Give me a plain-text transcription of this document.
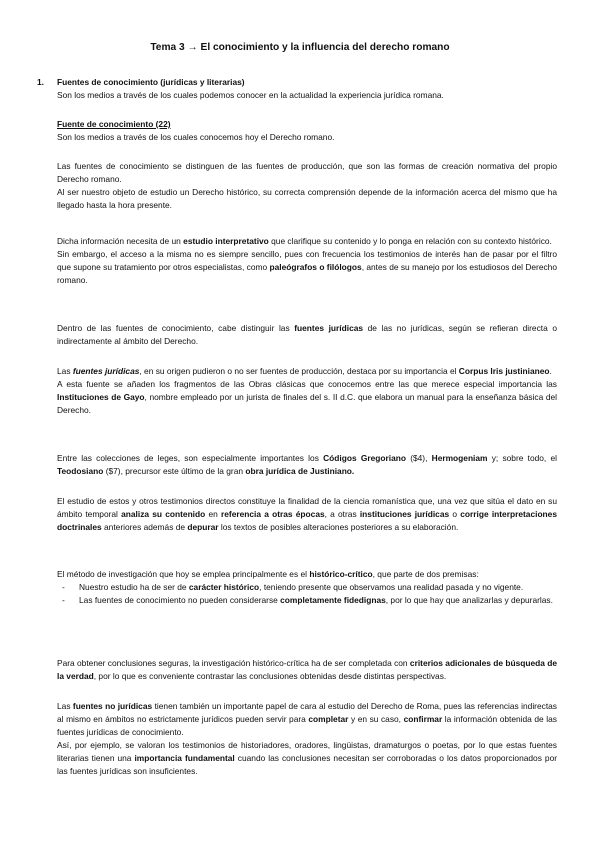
Tema 3 → El conocimiento y la influencia del derecho romano
1. Fuentes de conocimiento (jurídicas y literarias)

Son los medios a través de los cuales podemos conocer en la actualidad la experiencia jurídica romana.

Fuente de conocimiento (22)

Son los medios a través de los cuales conocemos hoy el Derecho romano.

Las fuentes de conocimiento se distinguen de las fuentes de producción, que son las formas de creación normativa del propio Derecho romano.

Al ser nuestro objeto de estudio un Derecho histórico, su correcta comprensión depende de la información acerca del mismo que ha llegado hasta la hora presente.

Dicha información necesita de un estudio interpretativo que clarifique su contenido y lo ponga en relación con su contexto histórico.

Sin embargo, el acceso a la misma no es siempre sencillo, pues con frecuencia los testimonios de interés han de pasar por el filtro que supone su tratamiento por otros especialistas, como paleógrafos o filólogos, antes de su manejo por los estudiosos del Derecho romano.

Dentro de las fuentes de conocimiento, cabe distinguir las fuentes jurídicas de las no jurídicas, según se refieran directa o indirectamente al ámbito del Derecho.

Las fuentes jurídicas, en su origen pudieron o no ser fuentes de producción, destaca por su importancia el Corpus Iris justinianeo.

A esta fuente se añaden los fragmentos de las Obras clásicas que conocemos entre las que merece especial importancia las Instituciones de Gayo, nombre empleado por un jurista de finales del s. II d.C. que elabora un manual para la enseñanza básica del Derecho.

Entre las colecciones de leges, son especialmente importantes los Códigos Gregoriano ($4), Hermogeniam y; sobre todo, el Teodosiano ($7), precursor este último de la gran obra jurídica de Justiniano.

El estudio de estos y otros testimonios directos constituye la finalidad de la ciencia romanística que, una vez que sitúa el dato en su ámbito temporal analiza su contenido en referencia a otras épocas, a otras instituciones jurídicas o corrige interpretaciones doctrinales anteriores además de depurar los textos de posibles alteraciones posteriores a su elaboración.

El método de investigación que hoy se emplea principalmente es el histórico-crítico, que parte de dos premisas:

- Nuestro estudio ha de ser de carácter histórico, teniendo presente que observamos una realidad pasada y no vigente.
- Las fuentes de conocimiento no pueden considerarse completamente fidedignas, por lo que hay que analizarlas y depurarlas.

Para obtener conclusiones seguras, la investigación histórico-crítica ha de ser completada con criterios adicionales de búsqueda de la verdad, por lo que es conveniente contrastar las conclusiones obtenidas desde distintas perspectivas.

Las fuentes no jurídicas tienen también un importante papel de cara al estudio del Derecho de Roma, pues las referencias indirectas al mismo en ámbitos no estrictamente jurídicos pueden servir para completar y en su caso, confirmar la información obtenida de las fuentes jurídicas de conocimiento.

Así, por ejemplo, se valoran los testimonios de historiadores, oradores, lingüistas, dramaturgos o poetas, por lo que estas fuentes literarias tienen una importancia fundamental cuando las conclusiones necesitan ser corroboradas o los datos proporcionados por las fuentes jurídicas son insuficientes.
